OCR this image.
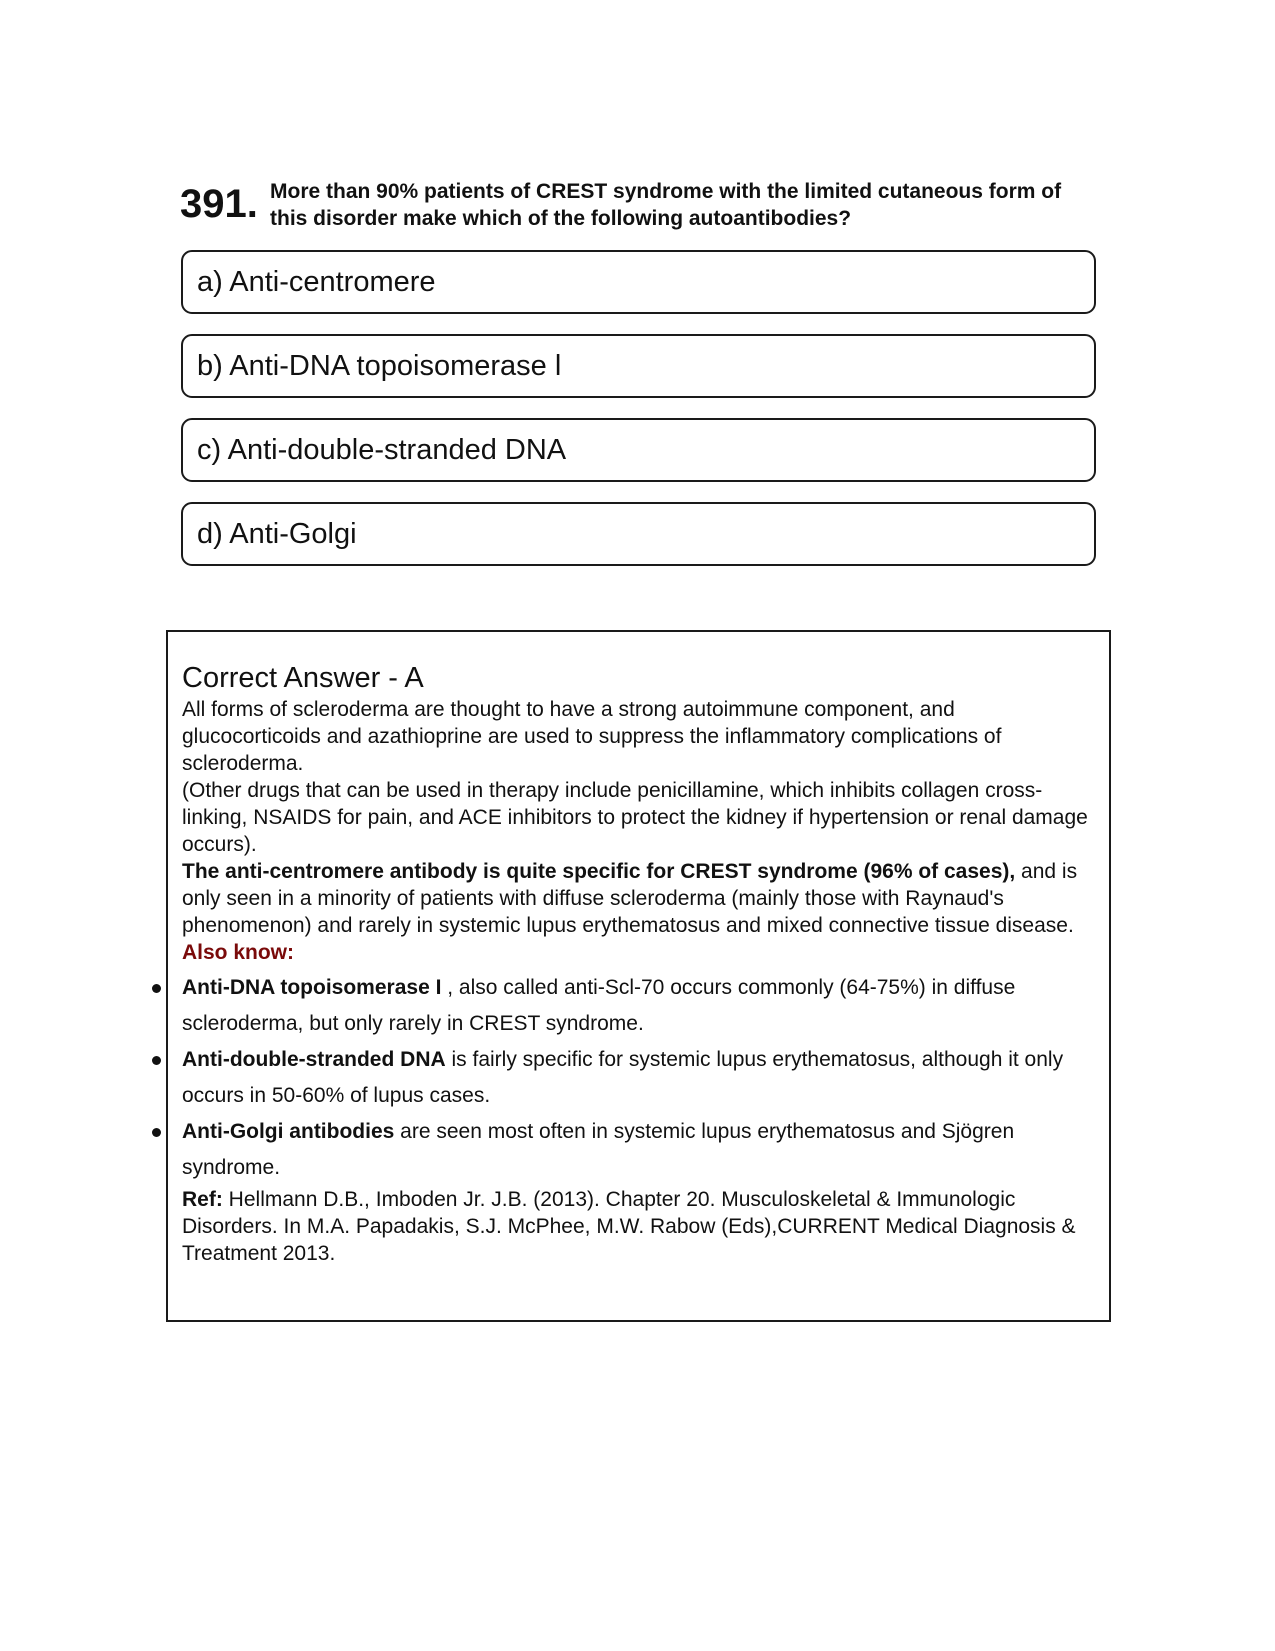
391. More than 90% patients of CREST syndrome with the limited cutaneous form of this disorder make which of the following autoantibodies?
a) Anti-centromere
b) Anti-DNA topoisomerase l
c) Anti-double-stranded DNA
d) Anti-Golgi

Correct Answer - A

All forms of scleroderma are thought to have a strong autoimmune component, and glucocorticoids and azathioprine are used to suppress the inflammatory complications of scleroderma.

(Other drugs that can be used in therapy include penicillamine, which inhibits collagen cross-linking, NSAIDS for pain, and ACE inhibitors to protect the kidney if hypertension or renal damage occurs).

The anti-centromere antibody is quite specific for CREST syndrome (96% of cases), and is only seen in a minority of patients with diffuse scleroderma (mainly those with Raynaud's phenomenon) and rarely in systemic lupus erythematosus and mixed connective tissue disease.

Also know:

Anti-DNA topoisomerase I , also called anti-Scl-70 occurs commonly (64-75%) in diffuse scleroderma, but only rarely in CREST syndrome.
Anti-double-stranded DNA is fairly specific for systemic lupus erythematosus, although it only occurs in 50-60% of lupus cases.
Anti-Golgi antibodies are seen most often in systemic lupus erythematosus and Sjögren syndrome.

Ref: Hellmann D.B., Imboden Jr. J.B. (2013). Chapter 20. Musculoskeletal & Immunologic Disorders. In M.A. Papadakis, S.J. McPhee, M.W. Rabow (Eds),CURRENT Medical Diagnosis & Treatment 2013.
